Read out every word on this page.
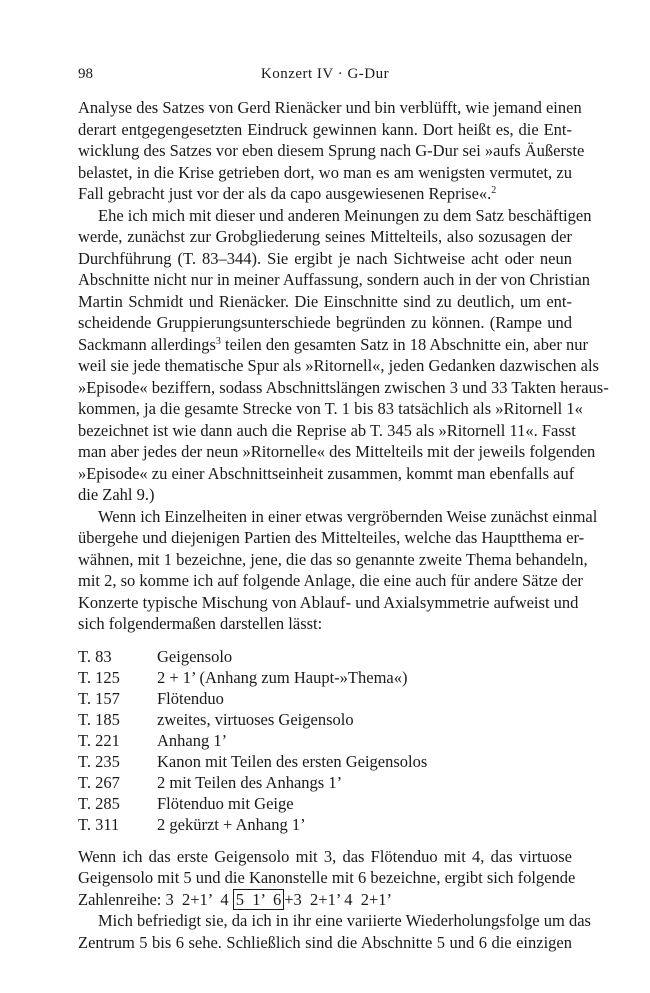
98	Konzert IV · G-Dur
Analyse des Satzes von Gerd Rienäcker und bin verblüfft, wie jemand einen
derart entgegengesetzten Eindruck gewinnen kann. Dort heißt es, die Ent-
wicklung des Satzes vor eben diesem Sprung nach G-Dur sei »aufs Äußerste
belastet, in die Krise getrieben dort, wo man es am wenigsten vermutet, zu
Fall gebracht just vor der als da capo ausgewiesenen Reprise«.$^2$
Ehe ich mich mit dieser und anderen Meinungen zu dem Satz beschäftigen
werde, zunächst zur Grobgliederung seines Mittelteils, also sozusagen der
Durchführung (T. 83–344). Sie ergibt je nach Sichtweise acht oder neun
Abschnitte nicht nur in meiner Auffassung, sondern auch in der von Christian
Martin Schmidt und Rienäcker. Die Einschnitte sind zu deutlich, um ent-
scheidende Gruppierungsunterschiede begründen zu können. (Rampe und
Sackmann allerdings$^3$ teilen den gesamten Satz in 18 Abschnitte ein, aber nur
weil sie jede thematische Spur als »Ritornell«, jeden Gedanken dazwischen als
»Episode« beziffern, sodass Abschnittslängen zwischen 3 und 33 Takten heraus-
kommen, ja die gesamte Strecke von T. 1 bis 83 tatsächlich als »Ritornell 1«
bezeichnet ist wie dann auch die Reprise ab T. 345 als »Ritornell 11«. Fasst
man aber jedes der neun »Ritornelle« des Mittelteils mit der jeweils folgenden
»Episode« zu einer Abschnittseinheit zusammen, kommt man ebenfalls auf
die Zahl 9.)
Wenn ich Einzelheiten in einer etwas vergröbernden Weise zunächst einmal
übergehe und diejenigen Partien des Mittelteiles, welche das Hauptthema er-
wähnen, mit 1 bezeichne, jene, die das so genannte zweite Thema behandeln,
mit 2, so komme ich auf folgende Anlage, die eine auch für andere Sätze der
Konzerte typische Mischung von Ablauf- und Axialsymmetrie aufweist und
sich folgendermaßen darstellen lässt:
T. 83	Geigensolo
T. 125	2 + 1’ (Anhang zum Haupt-»Thema«)
T. 157	Flötenduo
T. 185	zweites, virtuoses Geigensolo
T. 221	Anhang 1’
T. 235	Kanon mit Teilen des ersten Geigensolos
T. 267	2 mit Teilen des Anhangs 1’
T. 285	Flötenduo mit Geige
T. 311	2 gekürzt + Anhang 1’
Wenn ich das erste Geigensolo mit 3, das Flötenduo mit 4, das virtuose
Geigensolo mit 5 und die Kanonstelle mit 6 bezeichne, ergibt sich folgende
Zahlenreihe: 3  2+1’  4 5  1’  6 +3  2+1’ 4  2+1’
Mich befriedigt sie, da ich in ihr eine variierte Wiederholungsfolge um das
Zentrum 5 bis 6 sehe. Schließlich sind die Abschnitte 5 und 6 die einzigen
